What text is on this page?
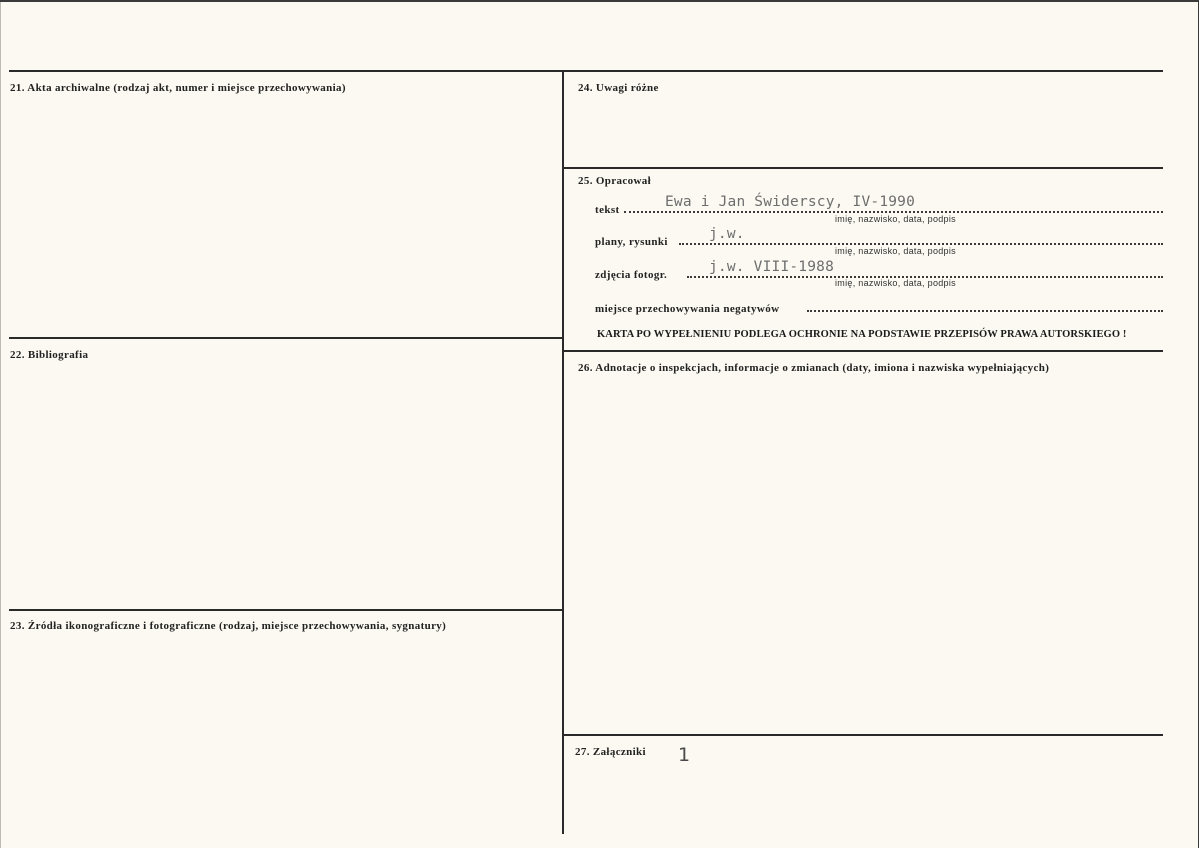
21. Akta archiwalne (rodzaj akt, numer i miejsce przechowywania)
22. Bibliografia
23. Źródła ikonograficzne i fotograficzne (rodzaj, miejsce przechowywania, sygnatury)
24. Uwagi różne
25. Opracował
tekst	Ewa i Jan Świderscy, IV-1990
imię, nazwisko, data, podpis
plany, rysunki	j.w.
imię, nazwisko, data, podpis
zdjęcia fotogr.	j.w. VIII-1988
imię, nazwisko, data, podpis
miejsce przechowywania negatywów
KARTA PO WYPEŁNIENIU PODLEGA OCHRONIE NA PODSTAWIE PRZEPISÓW PRAWA AUTORSKIEGO !
26. Adnotacje o inspekcjach, informacje o zmianach (daty, imiona i nazwiska wypełniających)
27. Załączniki 1
